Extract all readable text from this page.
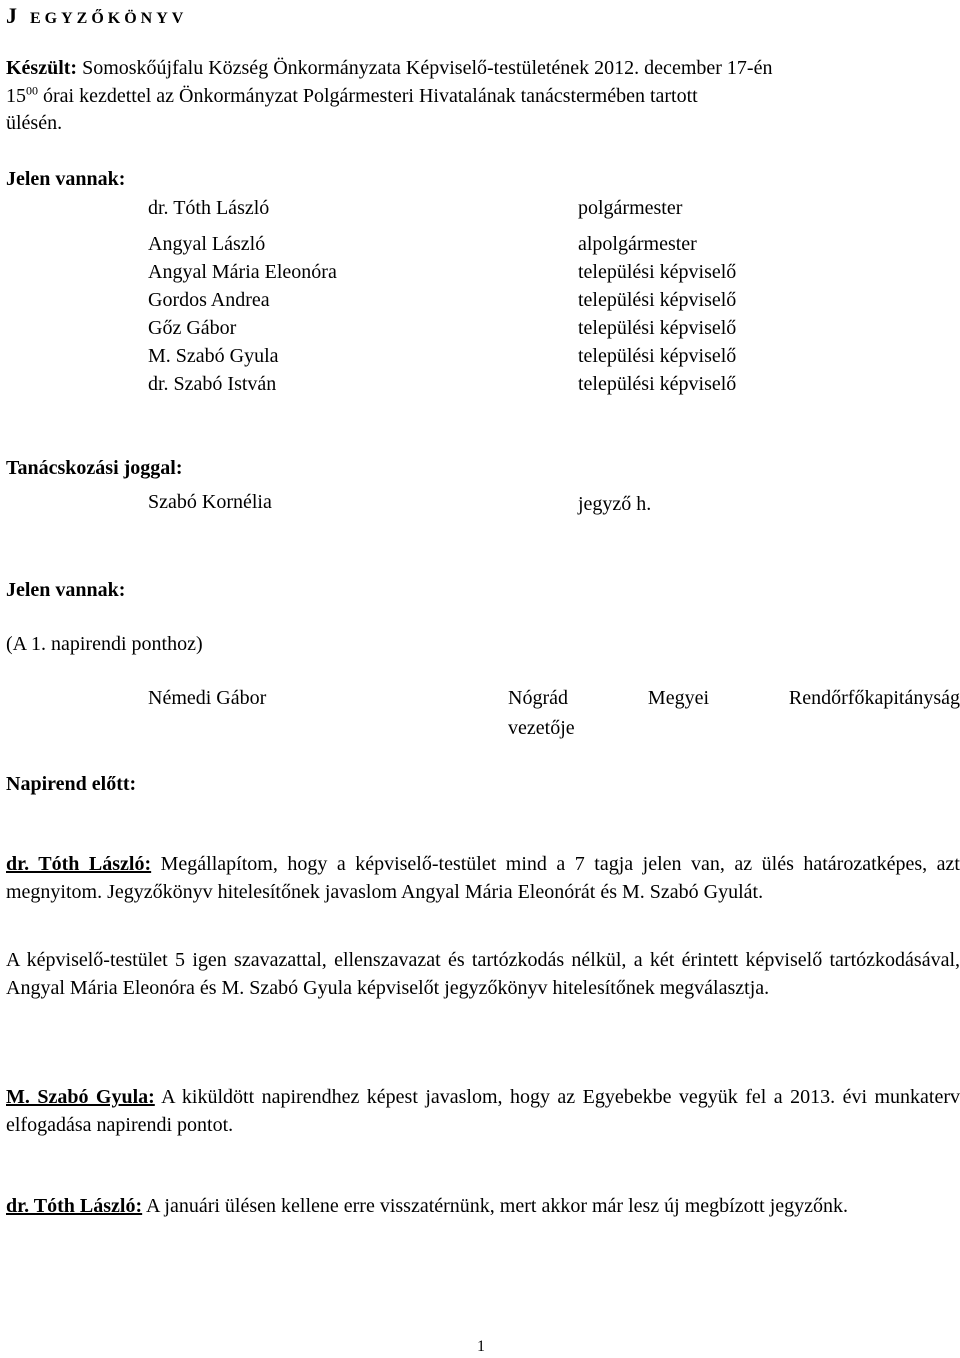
J EGYZŐKÖNYV
Készült: Somoskőújfalu Község Önkormányzata Képviselő-testületének 2012. december 17-én
$15^{00}$ órai kezdettel az Önkormányzat Polgármesteri Hivatalának tanácstermében tartott
ülésén.
Jelen vannak:
dr. Tóth László	polgármester
Angyal László	alpolgármester
Angyal Mária Eleonóra	települési képviselő
Gordos Andrea	települési képviselő
Gőz Gábor	települési képviselő
M. Szabó Gyula	települési képviselő
dr. Szabó István	települési képviselő
Tanácskozási joggal:
Szabó Kornélia	jegyző h.
Jelen vannak:
(A 1. napirendi ponthoz)
Némedi Gábor	Nógrád	Megyei	Rendőrfőkapitányság
vezetője
Napirend előtt:
dr. Tóth László: Megállapítom, hogy a képviselő-testület mind a 7 tagja jelen van, az ülés határozatképes, azt megnyitom. Jegyzőkönyv hitelesítőnek javaslom Angyal Mária Eleonórát és M. Szabó Gyulát.
A képviselő-testület 5 igen szavazattal, ellenszavazat és tartózkodás nélkül, a két érintett képviselő tartózkodásával, Angyal Mária Eleonóra és M. Szabó Gyula képviselőt jegyzőkönyv hitelesítőnek megválasztja.
M. Szabó Gyula: A kiküldött napirendhez képest javaslom, hogy az Egyebekbe vegyük fel a 2013. évi munkaterv elfogadása napirendi pontot.
dr. Tóth László: A januári ülésen kellene erre visszatérnünk, mert akkor már lesz új megbízott jegyzőnk.
1
